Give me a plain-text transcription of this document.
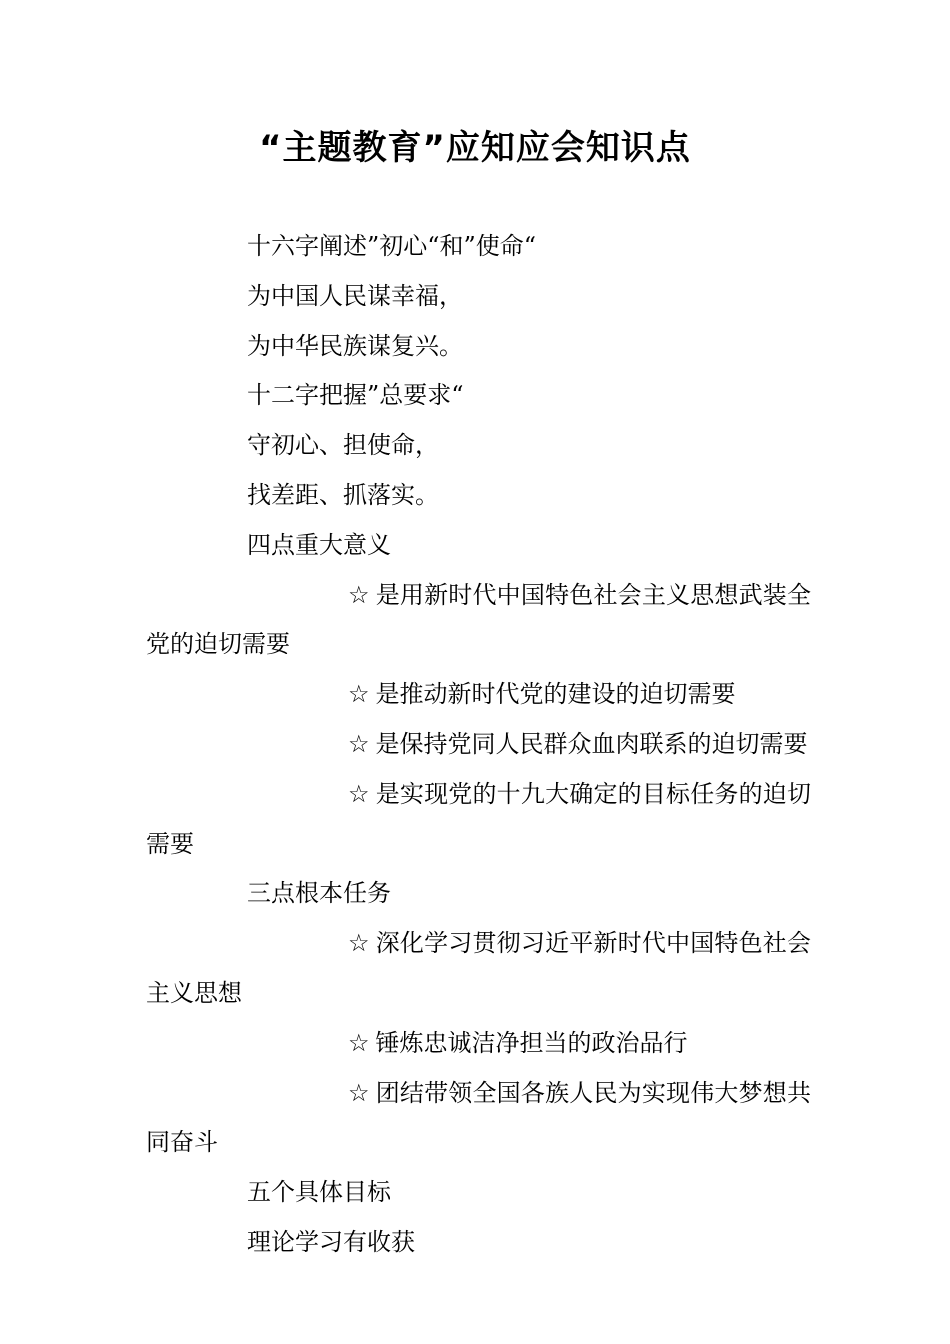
“主题教育”应知应会知识点

十六字阐述”初心“和”使命“

为中国人民谋幸福，

为中华民族谋复兴。

十二字把握”总要求“

守初心、担使命，

找差距、抓落实。

四点重大意义

☆ 是用新时代中国特色社会主义思想武装全党的迫切需要

☆ 是推动新时代党的建设的迫切需要

☆ 是保持党同人民群众血肉联系的迫切需要

☆ 是实现党的十九大确定的目标任务的迫切需要

三点根本任务

☆ 深化学习贯彻习近平新时代中国特色社会主义思想

☆ 锤炼忠诚洁净担当的政治品行

☆ 团结带领全国各族人民为实现伟大梦想共同奋斗

五个具体目标

理论学习有收获
